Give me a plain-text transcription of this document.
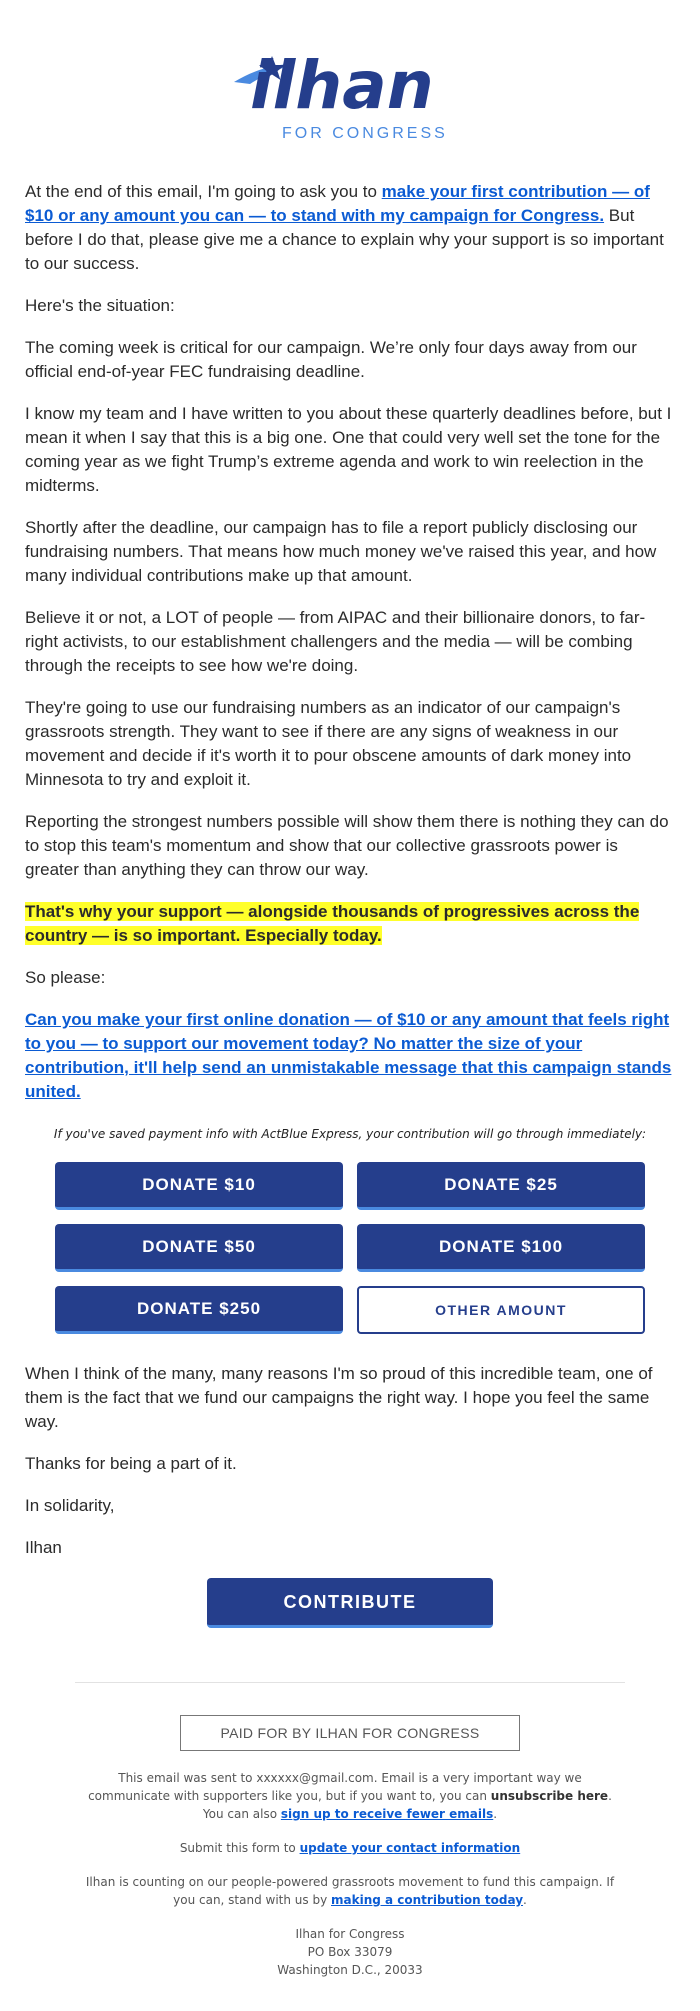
ilhan
FOR CONGRESS

At the end of this email, I'm going to ask you to make your first contribution — of $10 or any amount you can — to stand with my campaign for Congress. But before I do that, please give me a chance to explain why your support is so important to our success.

Here's the situation:

The coming week is critical for our campaign. We’re only four days away from our official end-of-year FEC fundraising deadline.

I know my team and I have written to you about these quarterly deadlines before, but I mean it when I say that this is a big one. One that could very well set the tone for the coming year as we fight Trump’s extreme agenda and work to win reelection in the midterms.

Shortly after the deadline, our campaign has to file a report publicly disclosing our fundraising numbers. That means how much money we've raised this year, and how many individual contributions make up that amount.

Believe it or not, a LOT of people — from AIPAC and their billionaire donors, to far-right activists, to our establishment challengers and the media — will be combing through the receipts to see how we're doing.

They're going to use our fundraising numbers as an indicator of our campaign's grassroots strength. They want to see if there are any signs of weakness in our movement and decide if it's worth it to pour obscene amounts of dark money into Minnesota to try and exploit it.

Reporting the strongest numbers possible will show them there is nothing they can do to stop this team's momentum and show that our collective grassroots power is greater than anything they can throw our way.

That's why your support — alongside thousands of progressives across the country — is so important. Especially today.

So please:

Can you make your first online donation — of $10 or any amount that feels right to you — to support our movement today? No matter the size of your contribution, it'll help send an unmistakable message that this campaign stands united.

If you've saved payment info with ActBlue Express, your contribution will go through immediately:
DONATE $10	DONATE $25
DONATE $50	DONATE $100
DONATE $250	OTHER AMOUNT

When I think of the many, many reasons I'm so proud of this incredible team, one of them is the fact that we fund our campaigns the right way. I hope you feel the same way.

Thanks for being a part of it.

In solidarity,

Ilhan

CONTRIBUTE
PAID FOR BY ILHAN FOR CONGRESS

This email was sent to xxxxxx@gmail.com. Email is a very important way we communicate with supporters like you, but if you want to, you can unsubscribe here. You can also sign up to receive fewer emails.

Submit this form to update your contact information

Ilhan is counting on our people-powered grassroots movement to fund this campaign. If you can, stand with us by making a contribution today.

Ilhan for Congress

PO Box 33079

Washington D.C., 20033
